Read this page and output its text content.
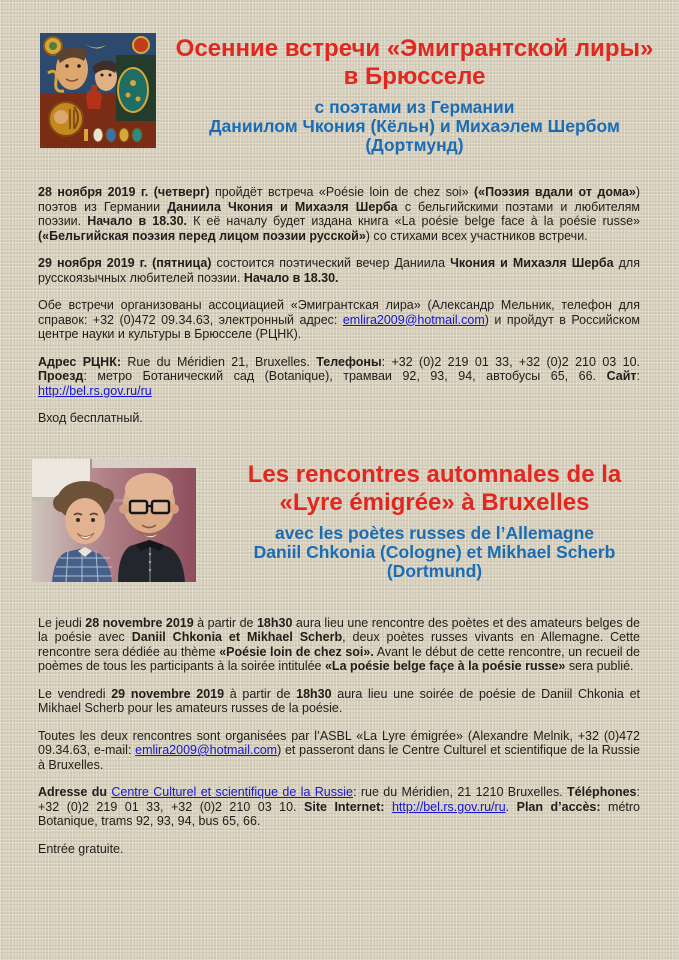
Осенние встречи «Эмигрантской лиры»
в Брюсселе
с поэтами из Германии
Даниилом Чкония (Кёльн) и Михаэлем Шербом
(Дортмунд)

28 ноября 2019 г. (четверг) пройдёт встреча «Poésie loin de chez soi» («Поэзия вдали от дома») поэтов из Германии Даниила Чкония и Михаэля Шерба с бельгийскими поэтами и любителям поэзии. Начало в 18.30. К её началу будет издана книга «La poésie belge face à la poésie russe» («Бельгийская поэзия перед лицом поэзии русской») со стихами всех участников встречи.

29 ноября 2019 г. (пятница) состоится поэтический вечер Даниила Чкония и Михаэля Шерба для русскоязычных любителей поэзии. Начало в 18.30.

Обе встречи организованы ассоциацией «Эмигрантская лира» (Александр Мельник, телефон для справок: +32 (0)472 09.34.63, электронный адрес: emlira2009@hotmail.com) и пройдут в Российском центре науки и культуры в Брюсселе (РЦНК).

Адрес РЦНК: Rue du Méridien 21, Bruxelles. Телефоны: +32 (0)2 219 01 33, +32 (0)2 210 03 10. Проезд: метро Ботанический сад (Botanique), трамваи 92, 93, 94, автобусы 65, 66. Сайт: http://bel.rs.gov.ru/ru

Вход бесплатный.

Les rencontres automnales de la
«Lyre émigrée» à Bruxelles
avec les poètes russes de l’Allemagne
Daniil Chkonia (Cologne) et Mikhael Scherb
(Dortmund)

Le jeudi 28 novembre 2019 à partir de 18h30 aura lieu une rencontre des poètes et des amateurs belges de la poésie avec Daniil Chkonia et Mikhael Scherb, deux poètes russes vivants en Allemagne. Cette rencontre sera dédiée au thème «Poésie loin de chez soi». Avant le début de cette rencontre, un recueil de poèmes de tous les participants à la soirée intitulée «La poésie belge façe à la poésie russe» sera publié.

Le vendredi 29 novembre 2019 à partir de 18h30 aura lieu une soirée de poésie de Daniil Chkonia et Mikhael Scherb pour les amateurs russes de la poésie.

Toutes les deux rencontres sont organisées par l’ASBL «La Lyre émigrée» (Alexandre Melnik, +32 (0)472 09.34.63, e-mail: emlira2009@hotmail.com) et passeront dans le Centre Culturel et scientifique de la Russie à Bruxelles.

Adresse du Centre Culturel et scientifique de la Russie: rue du Méridien, 21 1210 Bruxelles. Téléphones: +32 (0)2 219 01 33, +32 (0)2 210 03 10. Site Internet: http://bel.rs.gov.ru/ru. Plan d’accès: métro Botanique, trams 92, 93, 94, bus 65, 66.

Entrée gratuite.
